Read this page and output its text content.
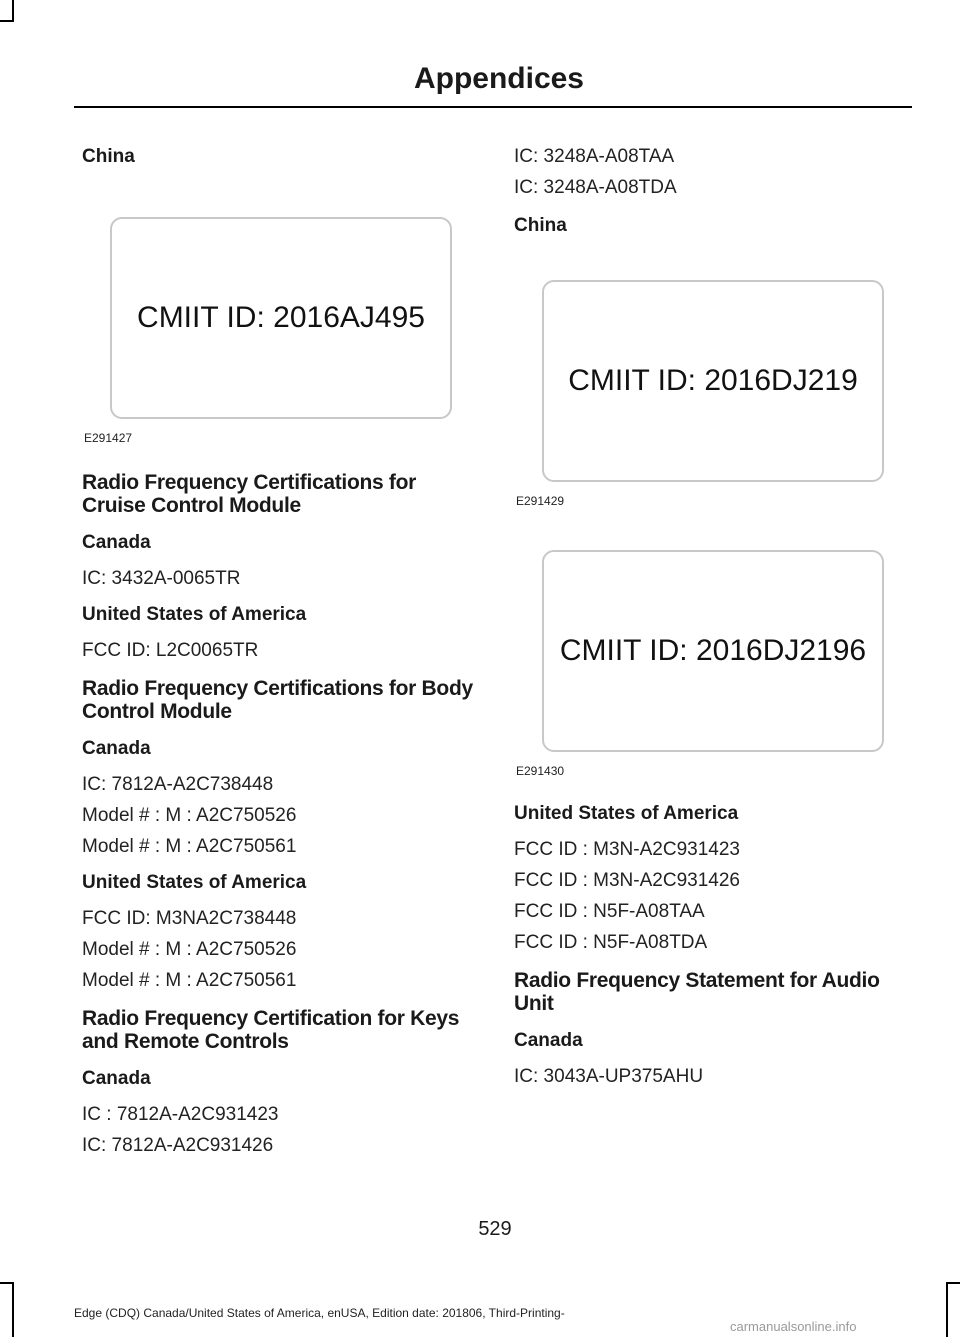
Appendices
China
CMIIT ID: 2016AJ495
E291427
Radio Frequency Certifications for Cruise Control Module
Canada
IC: 3432A-0065TR
United States of America
FCC ID: L2C0065TR
Radio Frequency Certifications for Body Control Module
Canada
IC: 7812A-A2C738448
Model # : M : A2C750526
Model # : M : A2C750561
United States of America
FCC ID: M3NA2C738448
Model # : M : A2C750526
Model # : M : A2C750561
Radio Frequency Certification for Keys and Remote Controls
Canada
IC : 7812A-A2C931423
IC: 7812A-A2C931426
IC: 3248A-A08TAA
IC: 3248A-A08TDA
China
CMIIT ID: 2016DJ219
E291429
CMIIT ID: 2016DJ2196
E291430
United States of America
FCC ID : M3N-A2C931423
FCC ID : M3N-A2C931426
FCC ID : N5F-A08TAA
FCC ID : N5F-A08TDA
Radio Frequency Statement for Audio Unit
Canada
IC: 3043A-UP375AHU
529
Edge (CDQ) Canada/United States of America, enUSA, Edition date: 201806, Third-Printing-
carmanualsonline.info
